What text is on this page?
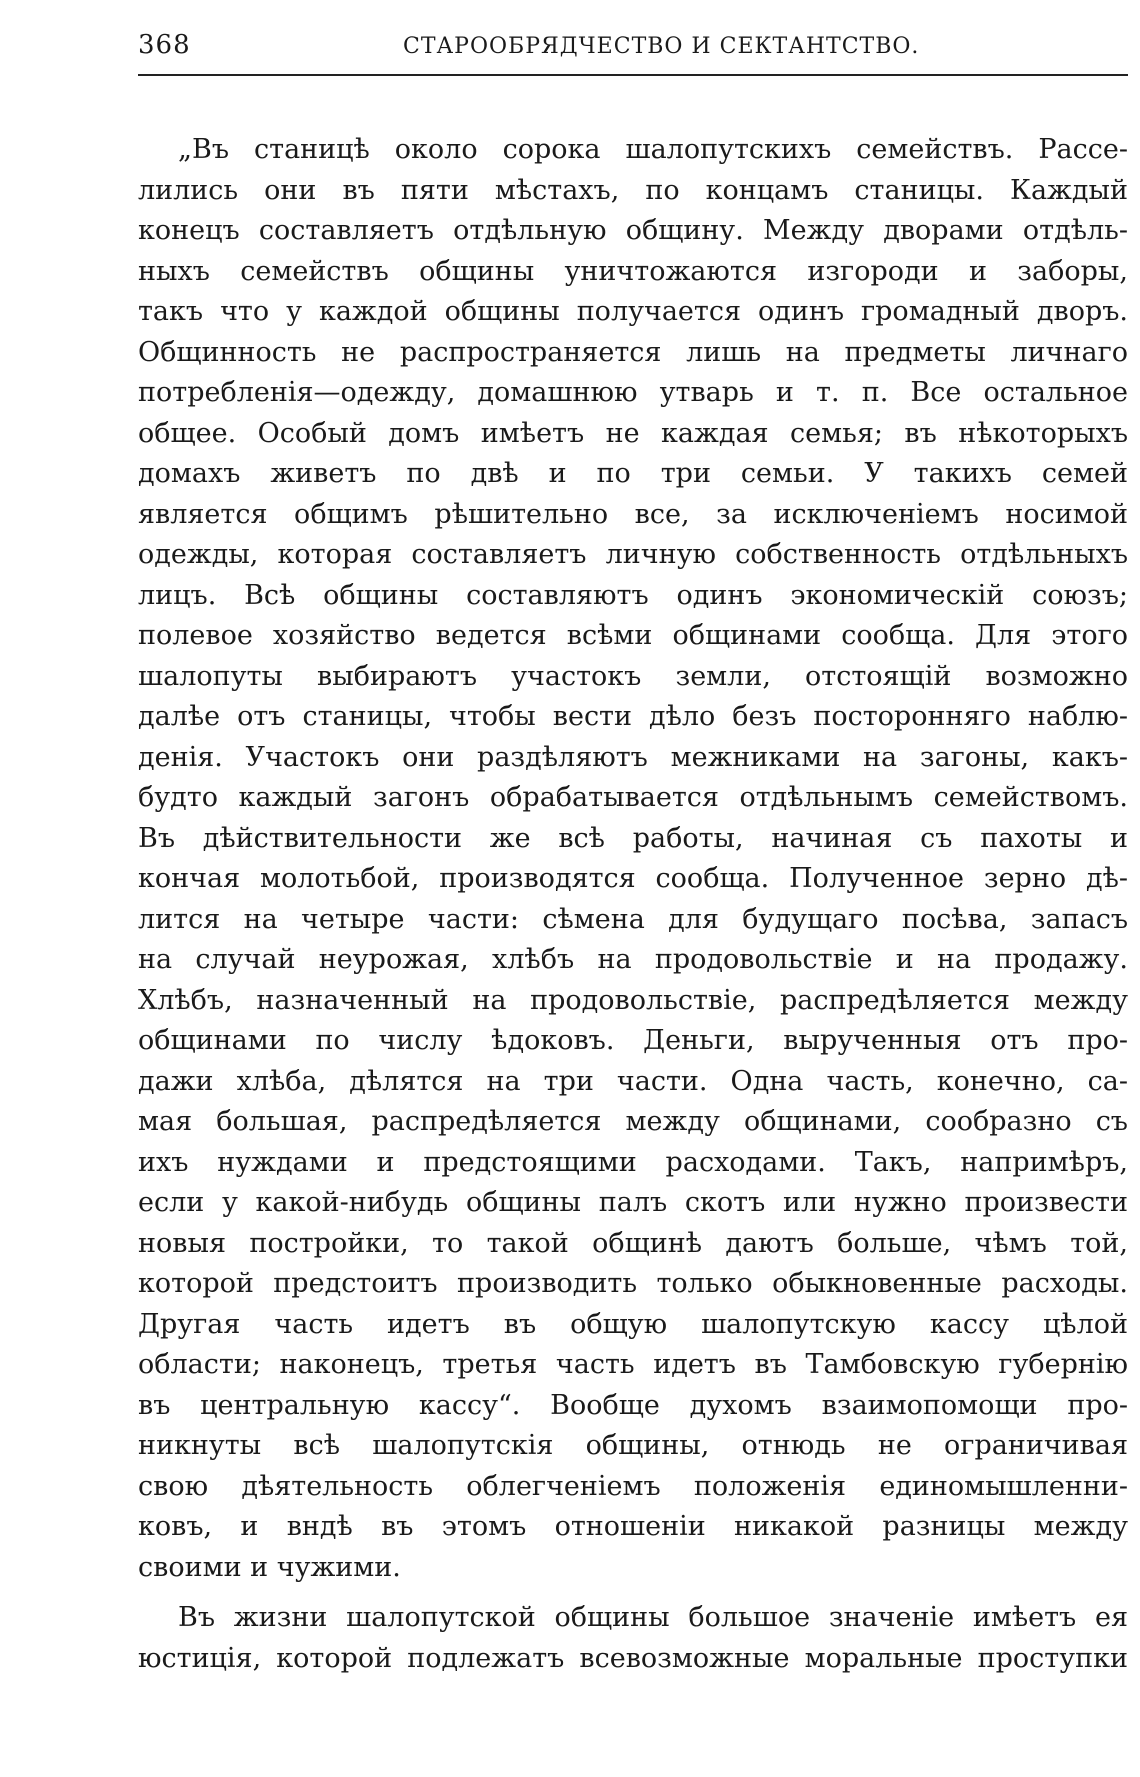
368	СТАРООБРЯДЧЕСТВО И СЕКТАНТСТВО.
„Въ станицѣ около сорока шалопутскихъ семействъ. Рассе-
лились они въ пяти мѣстахъ, по концамъ станицы. Каждый
конецъ составляетъ отдѣльную общину. Между дворами отдѣль-
ныхъ семействъ общины уничтожаются изгороди и заборы,
такъ что у каждой общины получается одинъ громадный дворъ.
Общинность не распространяется лишь на предметы личнаго
потребленія—одежду, домашнюю утварь и т. п. Все остальное
общее. Особый домъ имѣетъ не каждая семья; въ нѣкоторыхъ
домахъ живетъ по двѣ и по три семьи. У такихъ семей
является общимъ рѣшительно все, за исключеніемъ носимой
одежды, которая составляетъ личную собственность отдѣльныхъ
лицъ. Всѣ общины составляютъ одинъ экономическій союзъ;
полевое хозяйство ведется всѣми общинами сообща. Для этого
шалопуты выбираютъ участокъ земли, отстоящій возможно
далѣе отъ станицы, чтобы вести дѣло безъ посторонняго наблю-
денія. Участокъ они раздѣляютъ межниками на загоны, какъ-
будто каждый загонъ обрабатывается отдѣльнымъ семействомъ.
Въ дѣйствительности же всѣ работы, начиная съ пахоты и
кончая молотьбой, производятся сообща. Полученное зерно дѣ-
лится на четыре части: сѣмена для будущаго посѣва, запасъ
на случай неурожая, хлѣбъ на продовольствіе и на продажу.
Хлѣбъ, назначенный на продовольствіе, распредѣляется между
общинами по числу ѣдоковъ. Деньги, вырученныя отъ про-
дажи хлѣба, дѣлятся на три части. Одна часть, конечно, са-
мая большая, распредѣляется между общинами, сообразно съ
ихъ нуждами и предстоящими расходами. Такъ, напримѣръ,
если у какой-нибудь общины палъ скотъ или нужно произвести
новыя постройки, то такой общинѣ даютъ больше, чѣмъ той,
которой предстоитъ производить только обыкновенные расходы.
Другая часть идетъ въ общую шалопутскую кассу цѣлой
области; наконецъ, третья часть идетъ въ Тамбовскую губернію
въ центральную кассу“. Вообще духомъ взаимопомощи про-
никнуты всѣ шалопутскія общины, отнюдь не ограничивая
свою дѣятельность облегченіемъ положенія единомышленни-
ковъ, и вндѣ въ этомъ отношеніи никакой разницы между
своими и чужими.
Въ жизни шалопутской общины большое значеніе имѣетъ ея
юстиція, которой подлежатъ всевозможные моральные проступки
